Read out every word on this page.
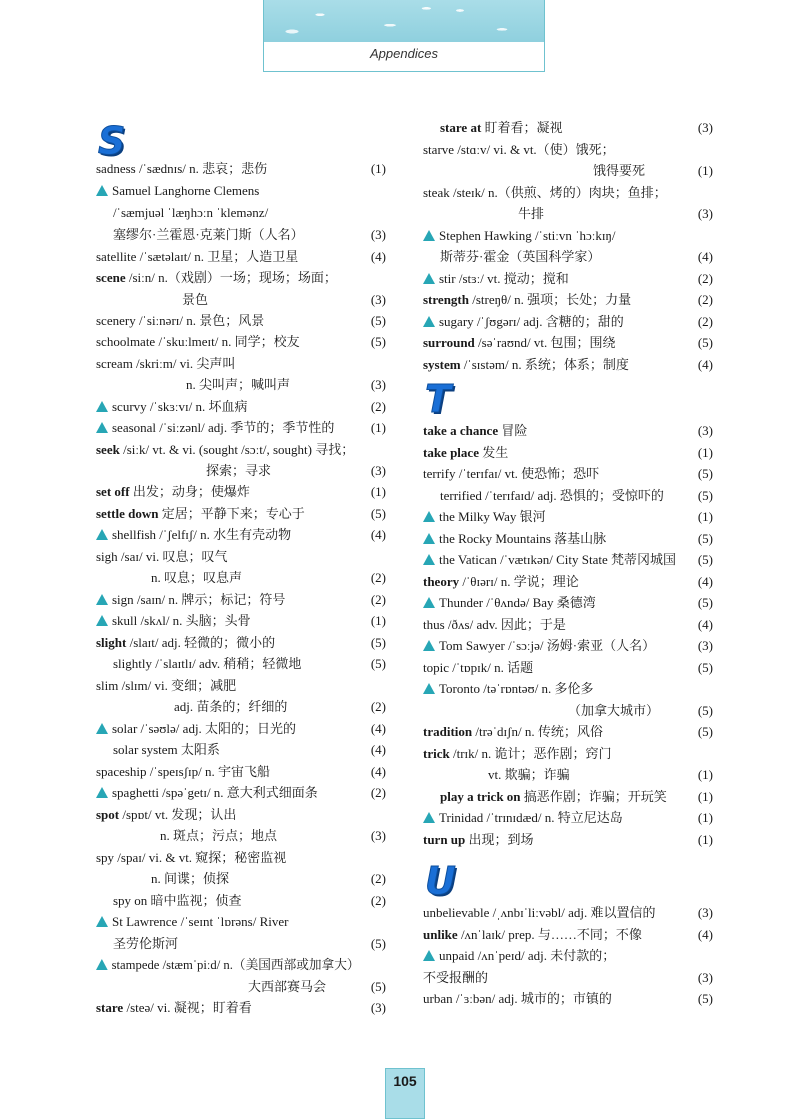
Appendices
S
sadness /ˈsædnɪs/ n. 悲哀；悲伤	(1)
Samuel Langhorne Clemens
/ˈsæmjuəl ˈlæŋhɔːn ˈklemənz/
塞缪尔·兰霍恩·克莱门斯（人名）	(3)
satellite /ˈsætəlaɪt/ n. 卫星；人造卫星	(4)
scene /siːn/ n.（戏剧）一场；现场；场面；
景色	(3)
scenery /ˈsiːnərɪ/ n. 景色；风景	(5)
schoolmate /ˈskuːlmeɪt/ n. 同学；校友	(5)
scream /skriːm/ vi. 尖声叫
n. 尖叫声；喊叫声	(3)
scurvy /ˈskɜːvɪ/ n. 坏血病	(2)
seasonal /ˈsiːzənl/ adj. 季节的；季节性的	(1)
seek /siːk/ vt. & vi. (sought /sɔːt/, sought) 寻找；
探索；寻求	(3)
set off 出发；动身；使爆炸	(1)
settle down 定居；平静下来；专心于	(5)
shellfish /ˈʃelfɪʃ/ n. 水生有壳动物	(4)
sigh /saɪ/ vi. 叹息；叹气
n. 叹息；叹息声	(2)
sign /saɪn/ n. 牌示；标记；符号	(2)
skull /skʌl/ n. 头脑；头骨	(1)
slight /slaɪt/ adj. 轻微的；微小的	(5)
slightly /ˈslaɪtlɪ/ adv. 稍稍；轻微地	(5)
slim /slɪm/ vi. 变细；减肥
adj. 苗条的；纤细的	(2)
solar /ˈsəʊlə/ adj. 太阳的；日光的	(4)
solar system 太阳系	(4)
spaceship /ˈspeɪsʃɪp/ n. 宇宙飞船	(4)
spaghetti /spəˈgetɪ/ n. 意大利式细面条	(2)
spot /spɒt/ vt. 发现；认出
n. 斑点；污点；地点	(3)
spy /spaɪ/ vi. & vt. 窥探；秘密监视
n. 间谍；侦探	(2)
spy on 暗中监视；侦查	(2)
St Lawrence /ˈseɪnt ˈlɒrəns/ River
圣劳伦斯河	(5)
stampede /stæmˈpiːd/ n.（美国西部或加拿大）
大西部赛马会	(5)
stare /steə/ vi. 凝视；盯着看	(3)
T
U
stare at 盯着看；凝视	(3)
starve /stɑːv/ vi. & vt.（使）饿死；
饿得要死	(1)
steak /steɪk/ n.（供煎、烤的）肉块；鱼排；
牛排	(3)
Stephen Hawking /ˈstiːvn ˈhɔːkɪŋ/
斯蒂芬·霍金（英国科学家）	(4)
stir /stɜː/ vt. 搅动；搅和	(2)
strength /streŋθ/ n. 强项；长处；力量	(2)
sugary /ˈʃʊgərɪ/ adj. 含糖的；甜的	(2)
surround /səˈraʊnd/ vt. 包围；围绕	(5)
system /ˈsɪstəm/ n. 系统；体系；制度	(4)
take a chance 冒险	(3)
take place 发生	(1)
terrify /ˈterɪfaɪ/ vt. 使恐怖；恐吓	(5)
terrified /ˈterɪfaɪd/ adj. 恐惧的；受惊吓的	(5)
the Milky Way 银河	(1)
the Rocky Mountains 落基山脉	(5)
the Vatican /ˈvætɪkən/ City State 梵蒂冈城国 (5)
theory /ˈθɪərɪ/ n. 学说；理论	(4)
Thunder /ˈθʌndə/ Bay 桑德湾	(5)
thus /ðʌs/ adv. 因此；于是	(4)
Tom Sawyer /ˈsɔːjə/ 汤姆·索亚（人名）	(3)
topic /ˈtɒpɪk/ n. 话题	(5)
Toronto /təˈrɒntəʊ/ n. 多伦多
（加拿大城市）	(5)
tradition /trəˈdɪʃn/ n. 传统；风俗	(5)
trick /trɪk/ n. 诡计；恶作剧；窍门
vt. 欺骗；诈骗	(1)
play a trick on 搞恶作剧；诈骗；开玩笑 (1)
Trinidad /ˈtrɪnɪdæd/ n. 特立尼达岛	(1)
turn up 出现；到场	(1)
unbelievable /ˌʌnbɪˈliːvəbl/ adj. 难以置信的	(3)
unlike /ʌnˈlaɪk/ prep. 与……不同；不像	(4)
unpaid /ʌnˈpeɪd/ adj. 未付款的；
不受报酬的	(3)
urban /ˈɜːbən/ adj. 城市的；市镇的	(5)
105
